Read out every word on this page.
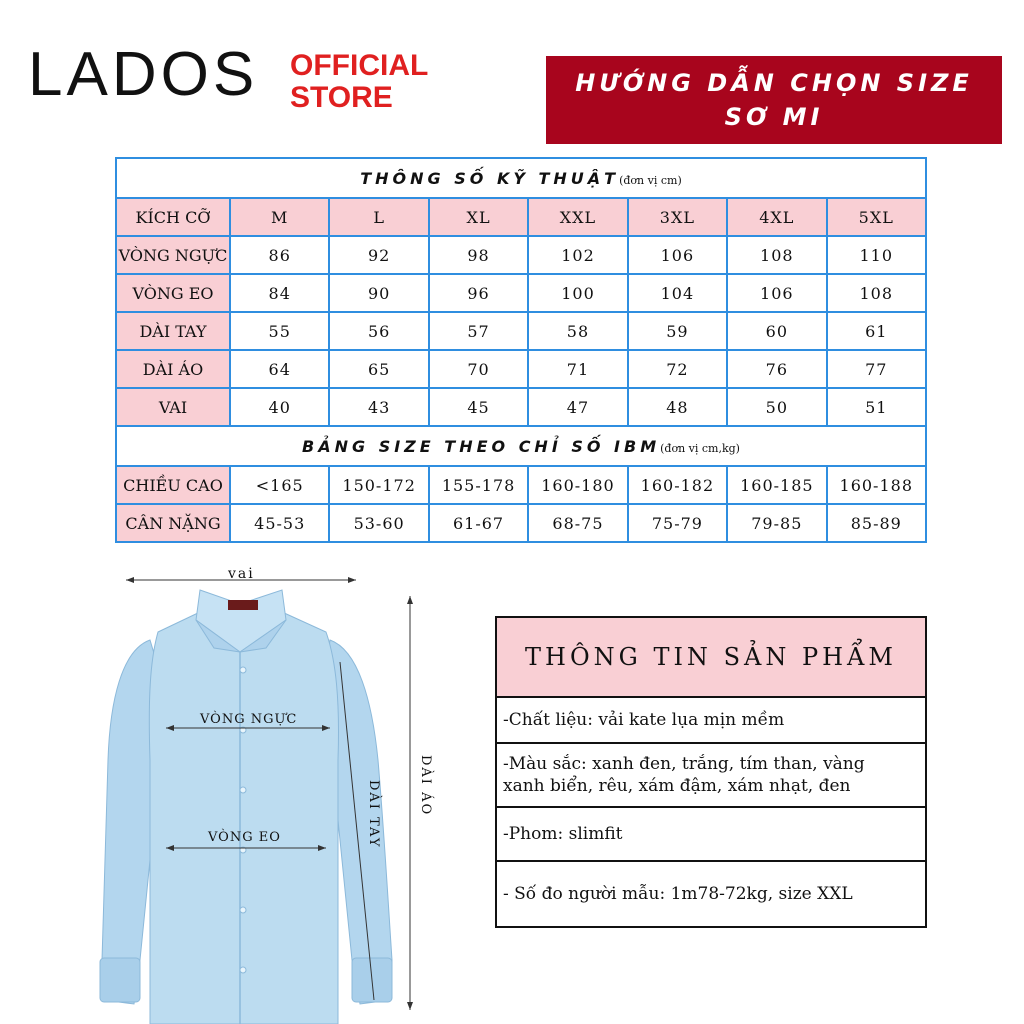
LADOS OFFICIAL
STORE	HƯỚNG DẪN CHỌN SIZE
SƠ MI
THÔNG SỐ KỸ THUẬT(đơn vị cm)							
KÍCH CỠ	M	L	XL	XXL	3XL	4XL	5XL
VÒNG NGỰC	86	92	98	102	106	108	110
VÒNG EO	84	90	96	100	104	106	108
DÀI TAY	55	56	57	58	59	60	61
DÀI ÁO	64	65	70	71	72	76	77
VAI	40	43	45	47	48	50	51
BẢNG SIZE THEO CHỈ SỐ IBM(đơn vị cm,kg)							
CHIỀU CAO	<165	150-172	155-178	160-180	160-182	160-185	160-188
CÂN NẶNG	45-53	53-60	61-67	68-75	75-79	79-85	85-89
vai
VÒNG NGỰC
VÒNG EO	DÀI TAY	DÀI ÁO
THÔNG TIN SẢN PHẨM
-Chất liệu: vải kate lụa mịn mềm
-Màu sắc: xanh đen, trắng, tím than, vàng
xanh biển, rêu, xám đậm, xám nhạt, đen
-Phom: slimfit
- Số đo người mẫu: 1m78-72kg, size XXL
